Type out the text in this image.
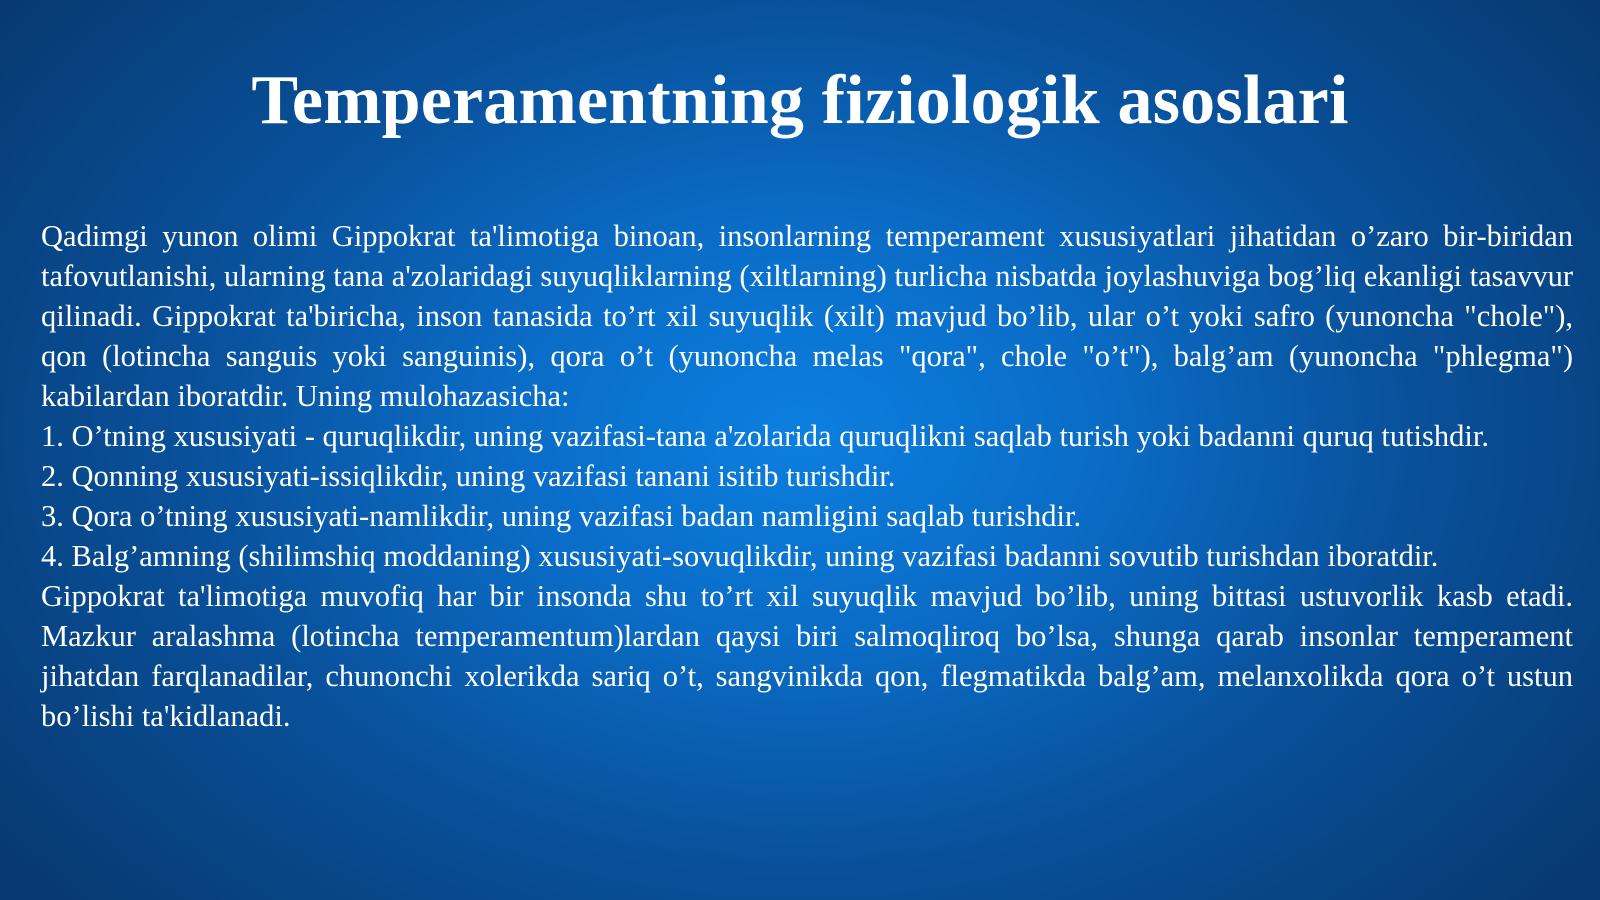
Temperamentning fiziologik asoslari

Qadimgi yunon olimi Gippokrat ta'limotiga binoan, insonlarning temperament xususiyatlari jihatidan o’zaro bir-biridan tafovutlanishi, ularning tana a'zolaridagi suyuqliklarning (xiltlarning) turlicha nisbatda joylashuviga bog’liq ekanligi tasavvur qilinadi. Gippokrat ta'biricha, inson tanasida to’rt xil suyuqlik (xilt) mavjud bo’lib, ular o’t yoki safro (yunoncha "chole"), qon (lotincha sanguis yoki sanguinis), qora o’t (yunoncha melas "qora", chole "o’t"), balg’am (yunoncha "phlegma") kabilardan iboratdir. Uning mulohazasicha:

1. O’tning xususiyati - quruqlikdir, uning vazifasi-tana a'zolarida quruqlikni saqlab turish yoki badanni quruq tutishdir.

2. Qonning xususiyati-issiqlikdir, uning vazifasi tanani isitib turishdir.

3. Qora o’tning xususiyati-namlikdir, uning vazifasi badan namligini saqlab turishdir.

4. Balg’amning (shilimshiq moddaning) xususiyati-sovuqlikdir, uning vazifasi badanni sovutib turishdan iboratdir.

Gippokrat ta'limotiga muvofiq har bir insonda shu to’rt xil suyuqlik mavjud bo’lib, uning bittasi ustuvorlik kasb etadi. Mazkur aralashma (lotincha temperamentum)lardan qaysi biri salmoqliroq bo’lsa, shunga qarab insonlar temperament jihatdan farqlanadilar, chunonchi xolerikda sariq o’t, sangvinikda qon, flegmatikda balg’am, melanxolikda qora o’t ustun bo’lishi ta'kidlanadi.
